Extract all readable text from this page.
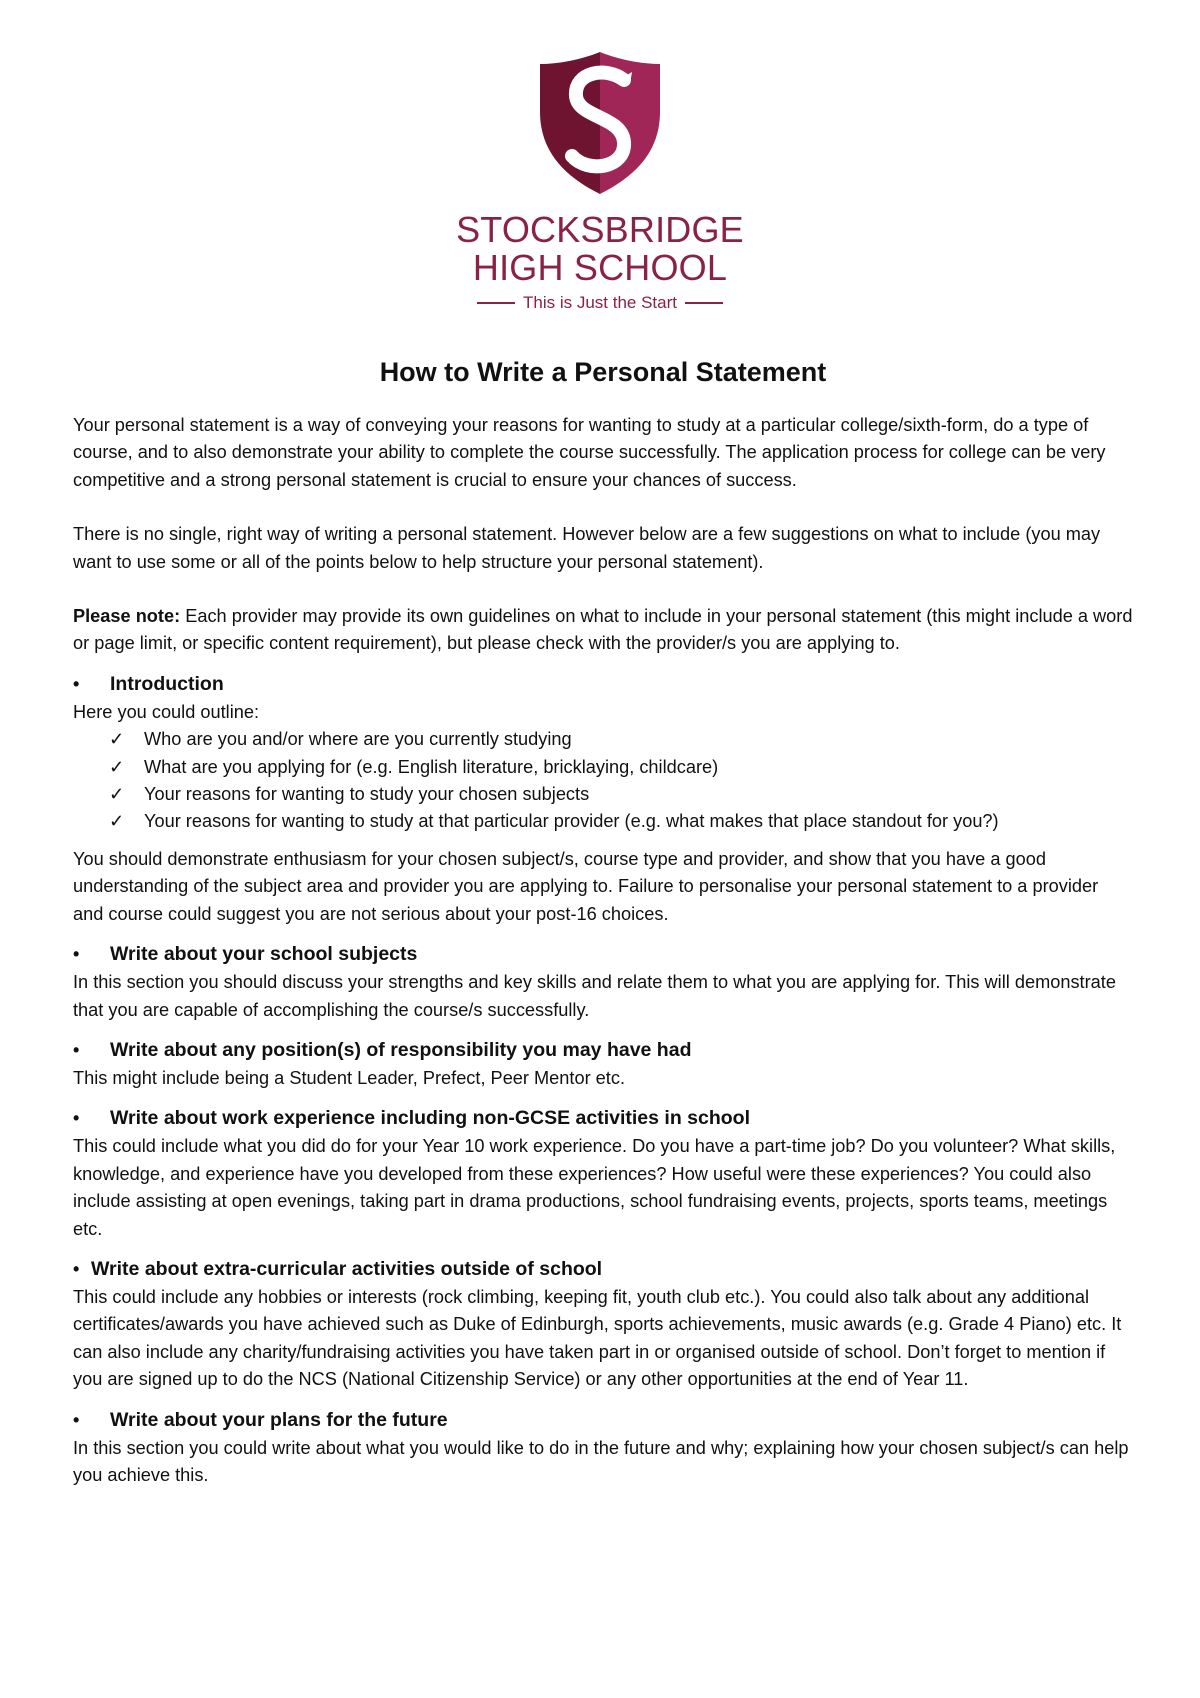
STOCKSBRIDGE
HIGH SCHOOL
This is Just the Start
How to Write a Personal Statement

Your personal statement is a way of conveying your reasons for wanting to study at a particular college/sixth-form, do a type of course, and to also demonstrate your ability to complete the course successfully. The application process for college can be very competitive and a strong personal statement is crucial to ensure your chances of success.

There is no single, right way of writing a personal statement. However below are a few suggestions on what to include (you may want to use some or all of the points below to help structure your personal statement).

Please note: Each provider may provide its own guidelines on what to include in your personal statement (this might include a word or page limit, or specific content requirement), but please check with the provider/s you are applying to.

•	Introduction

Here you could outline:

✓	Who are you and/or where are you currently studying
✓	What are you applying for (e.g. English literature, bricklaying, childcare)
✓	Your reasons for wanting to study your chosen subjects
✓	Your reasons for wanting to study at that particular provider (e.g. what makes that place standout for you?)

You should demonstrate enthusiasm for your chosen subject/s, course type and provider, and show that you have a good understanding of the subject area and provider you are applying to. Failure to personalise your personal statement to a provider and course could suggest you are not serious about your post-16 choices.

•	Write about your school subjects

In this section you should discuss your strengths and key skills and relate them to what you are applying for. This will demonstrate that you are capable of accomplishing the course/s successfully.

•	Write about any position(s) of responsibility you may have had

This might include being a Student Leader, Prefect, Peer Mentor etc.

•	Write about work experience including non-GCSE activities in school

This could include what you did do for your Year 10 work experience. Do you have a part-time job? Do you volunteer? What skills, knowledge, and experience have you developed from these experiences? How useful were these experiences? You could also include assisting at open evenings, taking part in drama productions, school fundraising events, projects, sports teams, meetings etc.

• Write about extra-curricular activities outside of school

This could include any hobbies or interests (rock climbing, keeping fit, youth club etc.). You could also talk about any additional certificates/awards you have achieved such as Duke of Edinburgh, sports achievements, music awards (e.g. Grade 4 Piano) etc. It can also include any charity/fundraising activities you have taken part in or organised outside of school. Don’t forget to mention if you are signed up to do the NCS (National Citizenship Service) or any other opportunities at the end of Year 11.

•	Write about your plans for the future

In this section you could write about what you would like to do in the future and why; explaining how your chosen subject/s can help you achieve this.
